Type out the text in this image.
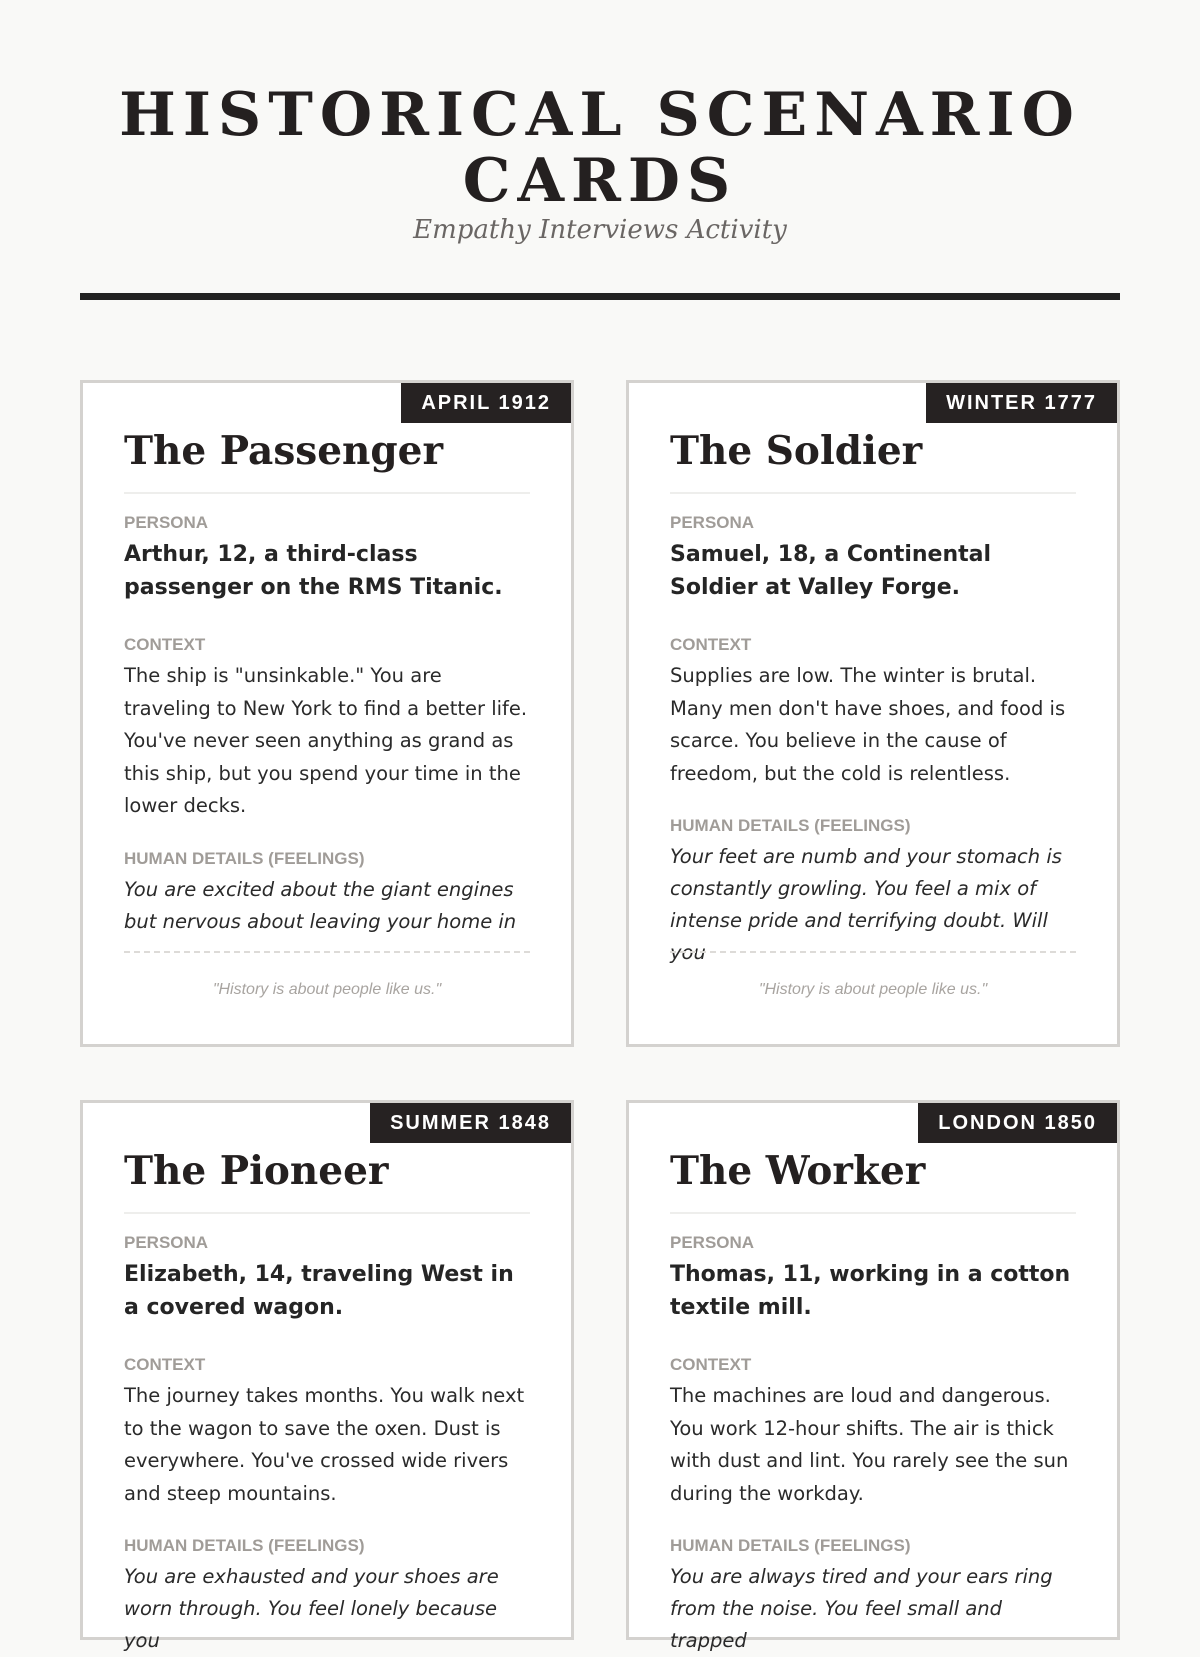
HISTORICAL SCENARIO CARDS
Empathy Interviews Activity
APRIL 1912
The Passenger
PERSONA
Arthur, 12, a third-class passenger on the RMS Titanic.
CONTEXT
The ship is "unsinkable." You are traveling to New York to find a better life. You've never seen anything as grand as this ship, but you spend your time in the lower decks.
HUMAN DETAILS (FEELINGS)
You are excited about the giant engines but nervous about leaving your home in
"History is about people like us."
WINTER 1777
The Soldier
PERSONA
Samuel, 18, a Continental Soldier at Valley Forge.
CONTEXT
Supplies are low. The winter is brutal. Many men don't have shoes, and food is scarce. You believe in the cause of freedom, but the cold is relentless.
HUMAN DETAILS (FEELINGS)
Your feet are numb and your stomach is constantly growling. You feel a mix of intense pride and terrifying doubt. Will you
"History is about people like us."
SUMMER 1848
The Pioneer
PERSONA
Elizabeth, 14, traveling West in a covered wagon.
CONTEXT
The journey takes months. You walk next to the wagon to save the oxen. Dust is everywhere. You've crossed wide rivers and steep mountains.
HUMAN DETAILS (FEELINGS)
You are exhausted and your shoes are worn through. You feel lonely because you
LONDON 1850
The Worker
PERSONA
Thomas, 11, working in a cotton textile mill.
CONTEXT
The machines are loud and dangerous. You work 12-hour shifts. The air is thick with dust and lint. You rarely see the sun during the workday.
HUMAN DETAILS (FEELINGS)
You are always tired and your ears ring from the noise. You feel small and trapped
